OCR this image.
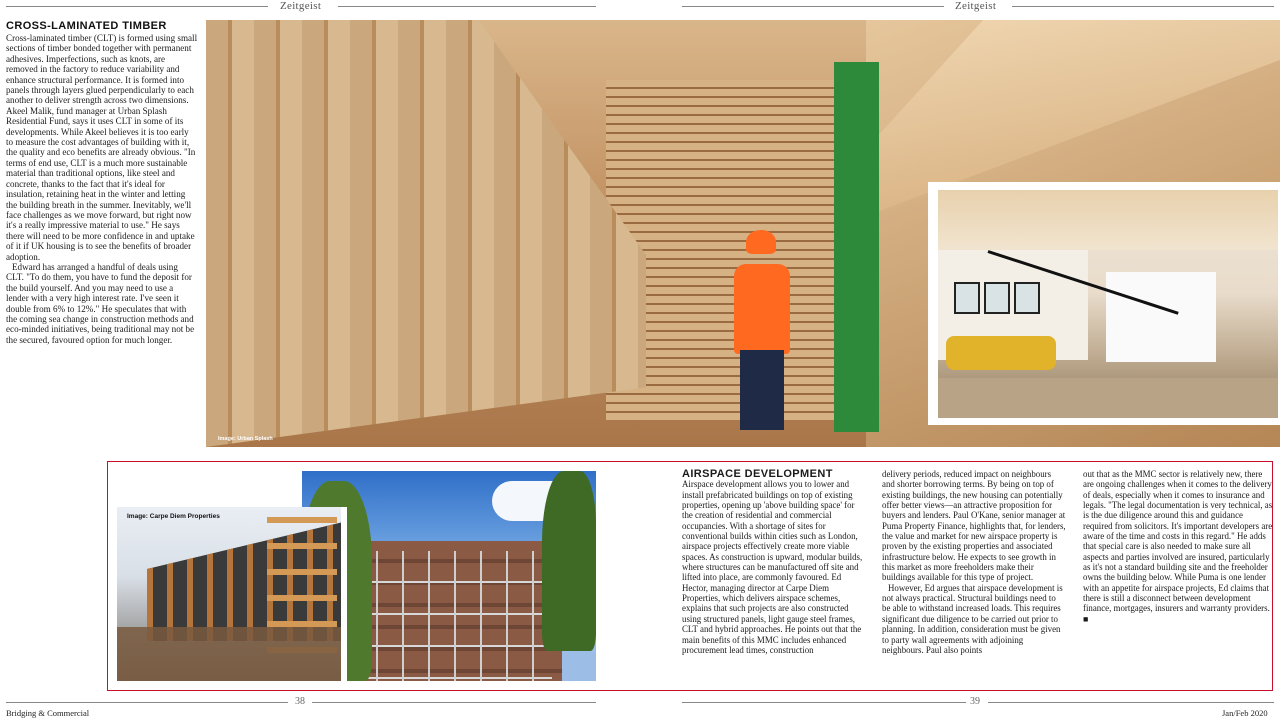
Zeitgeist	Zeitgeist
CROSS-LAMINATED TIMBER

Cross-laminated timber (CLT) is formed using small sections of timber bonded together with permanent adhesives. Imperfections, such as knots, are removed in the factory to reduce variability and enhance structural performance. It is formed into panels through layers glued perpendicularly to each another to deliver strength across two dimensions. Akeel Malik, fund manager at Urban Splash Residential Fund, says it uses CLT in some of its developments. While Akeel believes it is too early to measure the cost advantages of building with it, the quality and eco benefits are already obvious. "In terms of end use, CLT is a much more sustainable material than traditional options, like steel and concrete, thanks to the fact that it's ideal for insulation, retaining heat in the winter and letting the building breath in the summer. Inevitably, we'll face challenges as we move forward, but right now it's a really impressive material to use." He says there will need to be more confidence in and uptake of it if UK housing is to see the benefits of broader adoption.

Edward has arranged a handful of deals using CLT. "To do them, you have to fund the deposit for the build yourself. And you may need to use a lender with a very high interest rate. I've seen it double from 6% to 12%." He speculates that with the coming sea change in construction methods and eco-minded initiatives, being traditional may not be the secured, favoured option for much longer.

Image: Urban Splash
Image: Carpe Diem Properties
AIRSPACE DEVELOPMENT

Airspace development allows you to lower and install prefabricated buildings on top of existing properties, opening up 'above building space' for the creation of residential and commercial occupancies. With a shortage of sites for conventional builds within cities such as London, airspace projects effectively create more viable spaces. As construction is upward, modular builds, where structures can be manufactured off site and lifted into place, are commonly favoured. Ed Hector, managing director at Carpe Diem Properties, which delivers airspace schemes, explains that such projects are also constructed using structured panels, light gauge steel frames, CLT and hybrid approaches. He points out that the main benefits of this MMC includes enhanced procurement lead times, construction

delivery periods, reduced impact on neighbours and shorter borrowing terms. By being on top of existing buildings, the new housing can potentially offer better views—an attractive proposition for buyers and lenders. Paul O'Kane, senior manager at Puma Property Finance, highlights that, for lenders, the value and market for new airspace property is proven by the existing properties and associated infrastructure below. He expects to see growth in this market as more freeholders make their buildings available for this type of project.

However, Ed argues that airspace development is not always practical. Structural buildings need to be able to withstand increased loads. This requires significant due diligence to be carried out prior to planning. In addition, consideration must be given to party wall agreements with adjoining neighbours. Paul also points

out that as the MMC sector is relatively new, there are ongoing challenges when it comes to the delivery of deals, especially when it comes to insurance and legals. "The legal documentation is very technical, as is the due diligence around this and guidance required from solicitors. It's important developers are aware of the time and costs in this regard." He adds that special care is also needed to make sure all aspects and parties involved are insured, particularly as it's not a standard building site and the freeholder owns the building below. While Puma is one lender with an appetite for airspace projects, Ed claims that there is still a disconnect between development finance, mortgages, insurers and warranty providers. ■

38	39
Bridging & Commercial	Jan/Feb 2020
